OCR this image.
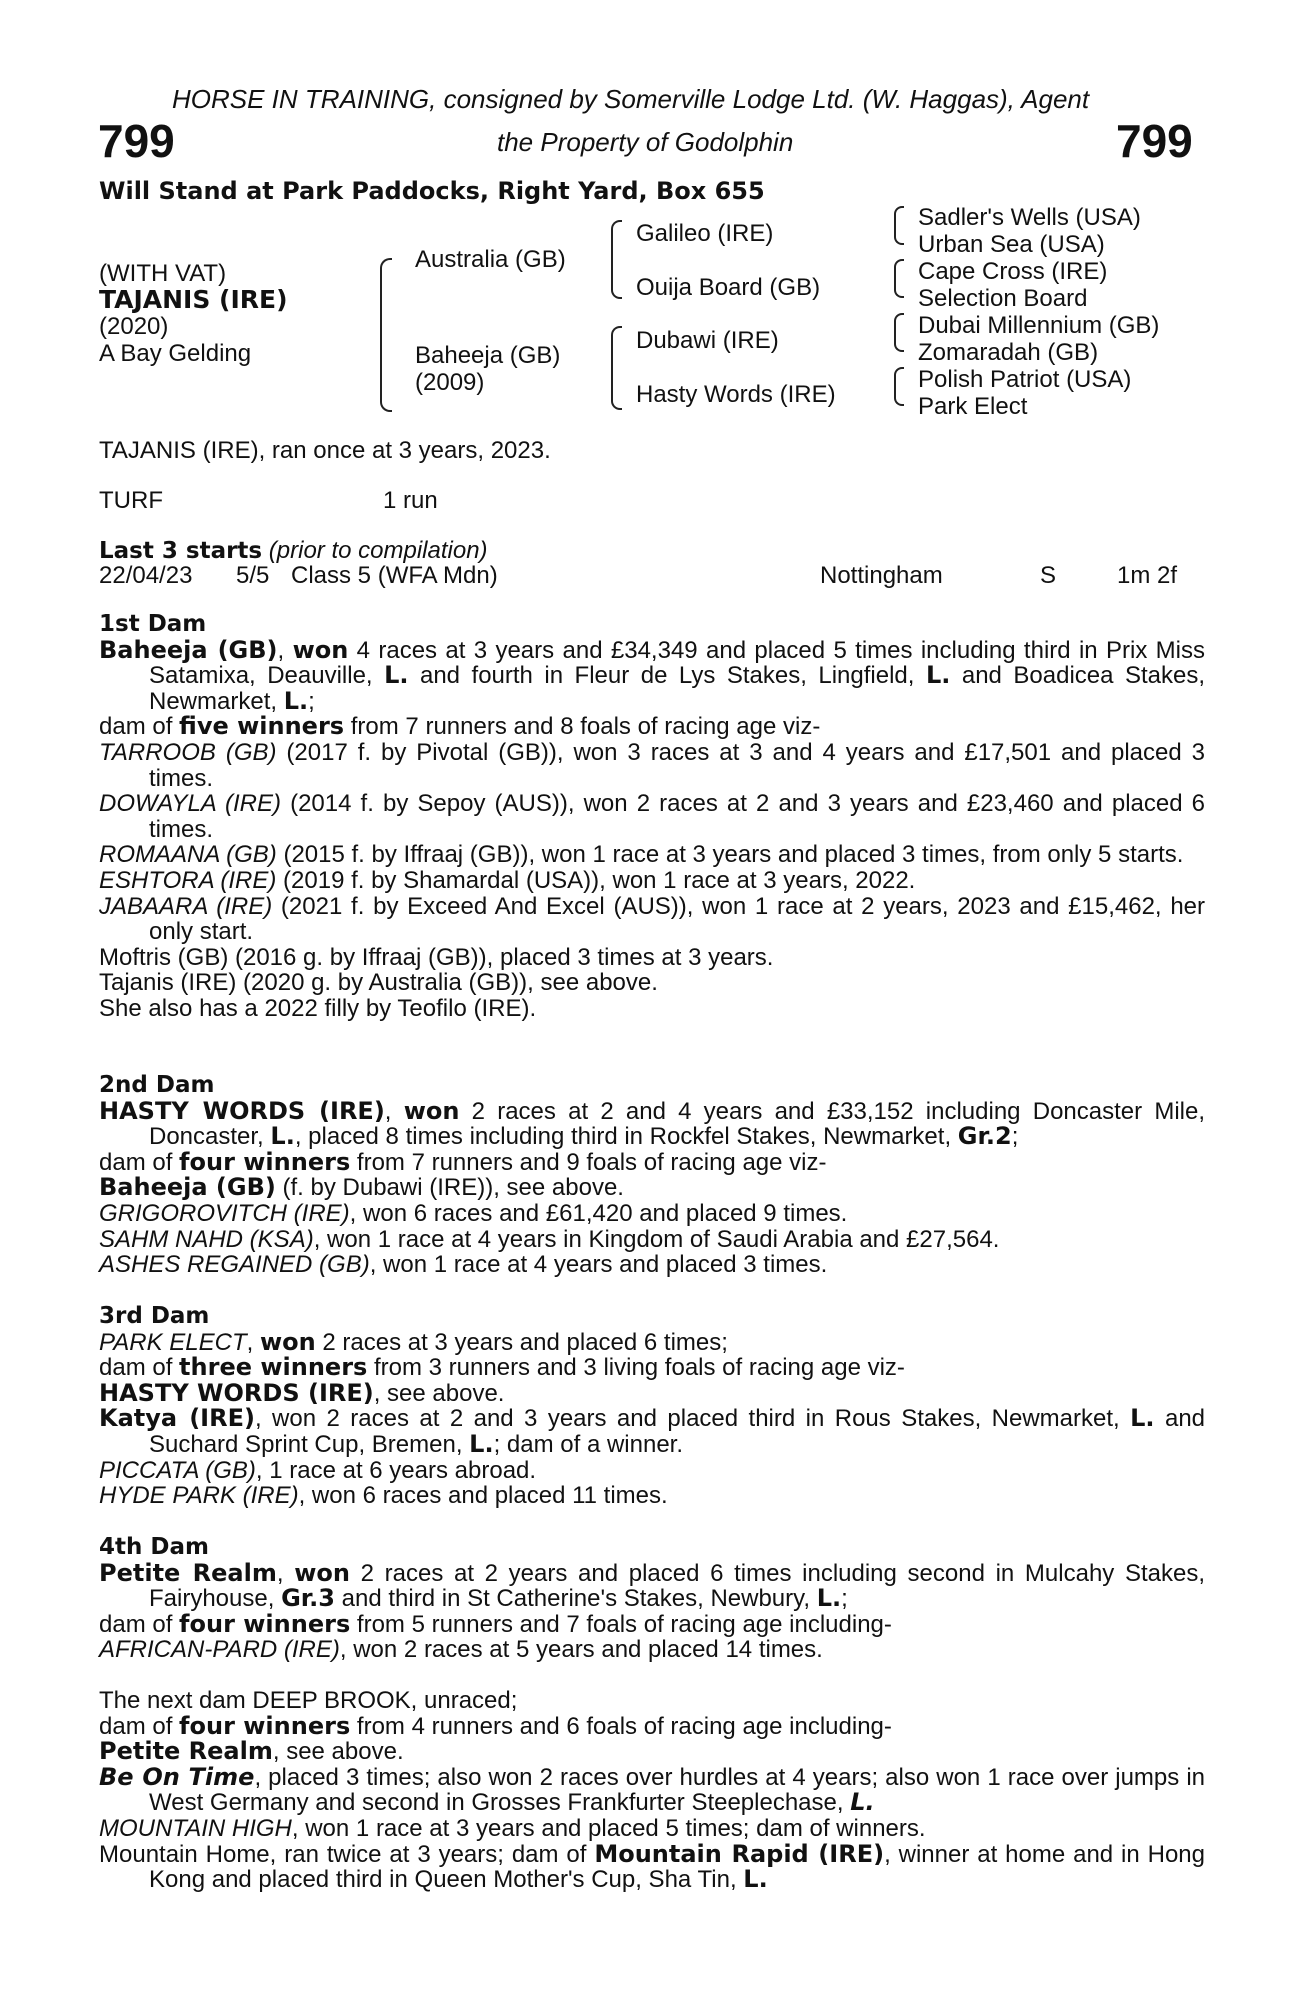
HORSE IN TRAINING, consigned by Somerville Lodge Ltd. (W. Haggas), Agent
799	the Property of Godolphin	799
Will Stand at Park Paddocks, Right Yard, Box 655
(WITH VAT)
TAJANIS (IRE)
(2020)
A Bay Gelding
Australia (GB)
Baheeja (GB)
(2009)
Galileo (IRE)
Ouija Board (GB)
Dubawi (IRE)
Hasty Words (IRE)
Sadler's Wells (USA)
Urban Sea (USA)
Cape Cross (IRE)
Selection Board
Dubai Millennium (GB)
Zomaradah (GB)
Polish Patriot (USA)
Park Elect
TAJANIS (IRE), ran once at 3 years, 2023.
TURF	1 run
Last 3 starts (prior to compilation)
22/04/23 5/5 Class 5 (WFA Mdn)	Nottingham	S	1m 2f

1st Dam

Baheeja (GB), won 4 races at 3 years and £34,349 and placed 5 times including third in Prix Miss Satamixa, Deauville, L. and fourth in Fleur de Lys Stakes, Lingfield, L. and Boadicea Stakes, Newmarket, L.;

dam of five winners from 7 runners and 8 foals of racing age viz-

TARROOB (GB) (2017 f. by Pivotal (GB)), won 3 races at 3 and 4 years and £17,501 and placed 3 times.

DOWAYLA (IRE) (2014 f. by Sepoy (AUS)), won 2 races at 2 and 3 years and £23,460 and placed 6 times.

ROMAANA (GB) (2015 f. by Iffraaj (GB)), won 1 race at 3 years and placed 3 times, from only 5 starts.

ESHTORA (IRE) (2019 f. by Shamardal (USA)), won 1 race at 3 years, 2022.

JABAARA (IRE) (2021 f. by Exceed And Excel (AUS)), won 1 race at 2 years, 2023 and £15,462, her only start.

Moftris (GB) (2016 g. by Iffraaj (GB)), placed 3 times at 3 years.

Tajanis (IRE) (2020 g. by Australia (GB)), see above.

She also has a 2022 filly by Teofilo (IRE).

2nd Dam

HASTY WORDS (IRE), won 2 races at 2 and 4 years and £33,152 including Doncaster Mile, Doncaster, L., placed 8 times including third in Rockfel Stakes, Newmarket, Gr.2;

dam of four winners from 7 runners and 9 foals of racing age viz-

Baheeja (GB) (f. by Dubawi (IRE)), see above.

GRIGOROVITCH (IRE), won 6 races and £61,420 and placed 9 times.

SAHM NAHD (KSA), won 1 race at 4 years in Kingdom of Saudi Arabia and £27,564.

ASHES REGAINED (GB), won 1 race at 4 years and placed 3 times.

3rd Dam

PARK ELECT, won 2 races at 3 years and placed 6 times;

dam of three winners from 3 runners and 3 living foals of racing age viz-

HASTY WORDS (IRE), see above.

Katya (IRE), won 2 races at 2 and 3 years and placed third in Rous Stakes, Newmarket, L. and Suchard Sprint Cup, Bremen, L.; dam of a winner.

PICCATA (GB), 1 race at 6 years abroad.

HYDE PARK (IRE), won 6 races and placed 11 times.

4th Dam

Petite Realm, won 2 races at 2 years and placed 6 times including second in Mulcahy Stakes, Fairyhouse, Gr.3 and third in St Catherine's Stakes, Newbury, L.;

dam of four winners from 5 runners and 7 foals of racing age including-

AFRICAN-PARD (IRE), won 2 races at 5 years and placed 14 times.

The next dam DEEP BROOK, unraced;

dam of four winners from 4 runners and 6 foals of racing age including-

Petite Realm, see above.

Be On Time, placed 3 times; also won 2 races over hurdles at 4 years; also won 1 race over jumps in West Germany and second in Grosses Frankfurter Steeplechase, L.

MOUNTAIN HIGH, won 1 race at 3 years and placed 5 times; dam of winners.

Mountain Home, ran twice at 3 years; dam of Mountain Rapid (IRE), winner at home and in Hong Kong and placed third in Queen Mother's Cup, Sha Tin, L.
